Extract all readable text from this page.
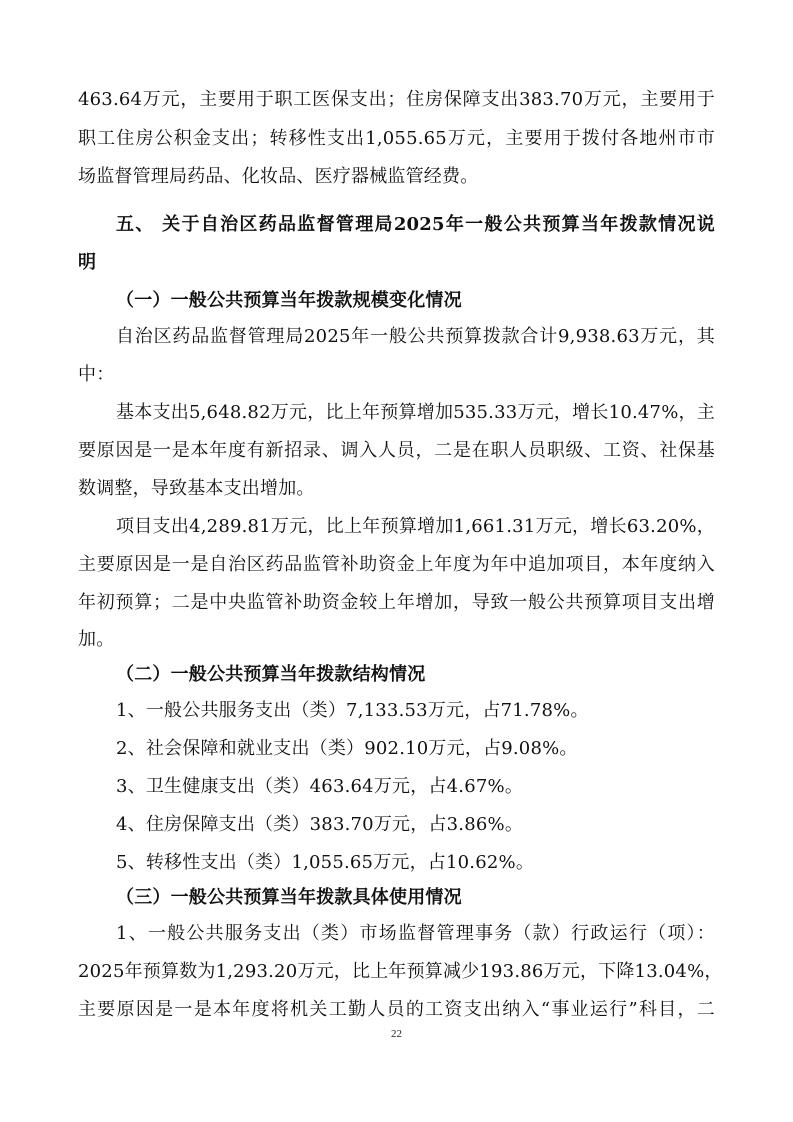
463.64万元，主要用于职工医保支出；住房保障支出383.70万元，主要用于
职工住房公积金支出；转移性支出1,055.65万元，主要用于拨付各地州市市
场监督管理局药品、化妆品、医疗器械监管经费。
五、 关于自治区药品监督管理局2025年一般公共预算当年拨款情况说
明
（一）一般公共预算当年拨款规模变化情况
自治区药品监督管理局2025年一般公共预算拨款合计9,938.63万元，其
中：
基本支出5,648.82万元，比上年预算增加535.33万元，增长10.47%，主
要原因是一是本年度有新招录、调入人员，二是在职人员职级、工资、社保基
数调整，导致基本支出增加。
项目支出4,289.81万元，比上年预算增加1,661.31万元，增长63.20%，
主要原因是一是自治区药品监管补助资金上年度为年中追加项目，本年度纳入
年初预算；二是中央监管补助资金较上年增加，导致一般公共预算项目支出增
加。
（二）一般公共预算当年拨款结构情况
1、一般公共服务支出（类）7,133.53万元，占71.78%。
2、社会保障和就业支出（类）902.10万元，占9.08%。
3、卫生健康支出（类）463.64万元，占4.67%。
4、住房保障支出（类）383.70万元，占3.86%。
5、转移性支出（类）1,055.65万元，占10.62%。
（三）一般公共预算当年拨款具体使用情况
1、一般公共服务支出（类）市场监督管理事务（款）行政运行（项）：
2025年预算数为1,293.20万元，比上年预算减少193.86万元，下降13.04%，
主要原因是一是本年度将机关工勤人员的工资支出纳入“事业运行”科目，二
22
